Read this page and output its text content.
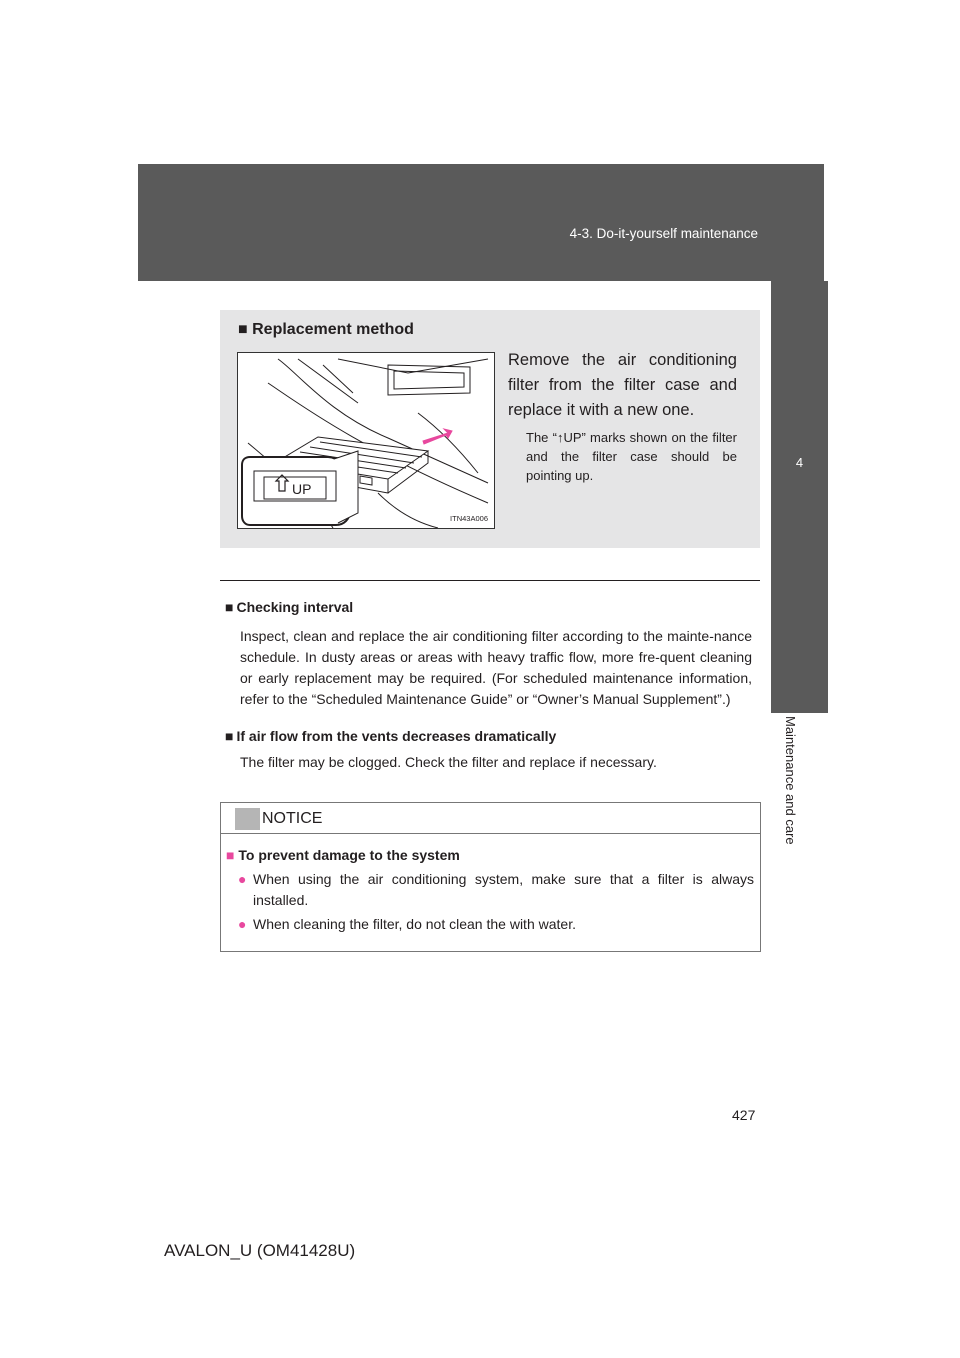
4-3. Do-it-yourself maintenance
4
Maintenance and care
■ Replacement method
UP
ITN43A006
Remove the air conditioning filter from the filter case and replace it with a new one.
The “↑UP” marks shown on the filter and the filter case should be pointing up.
■ Checking interval
Inspect, clean and replace the air conditioning filter according to the mainte-nance schedule. In dusty areas or areas with heavy traffic flow, more fre-quent cleaning or early replacement may be required. (For scheduled maintenance information, refer to the “Scheduled Maintenance Guide” or “Owner’s Manual Supplement”.)
■ If air flow from the vents decreases dramatically
The filter may be clogged. Check the filter and replace if necessary.
NOTICE
■ To prevent damage to the system
● When using the air conditioning system, make sure that a filter is always installed.
● When cleaning the filter, do not clean the with water.
427
AVALON_U (OM41428U)
